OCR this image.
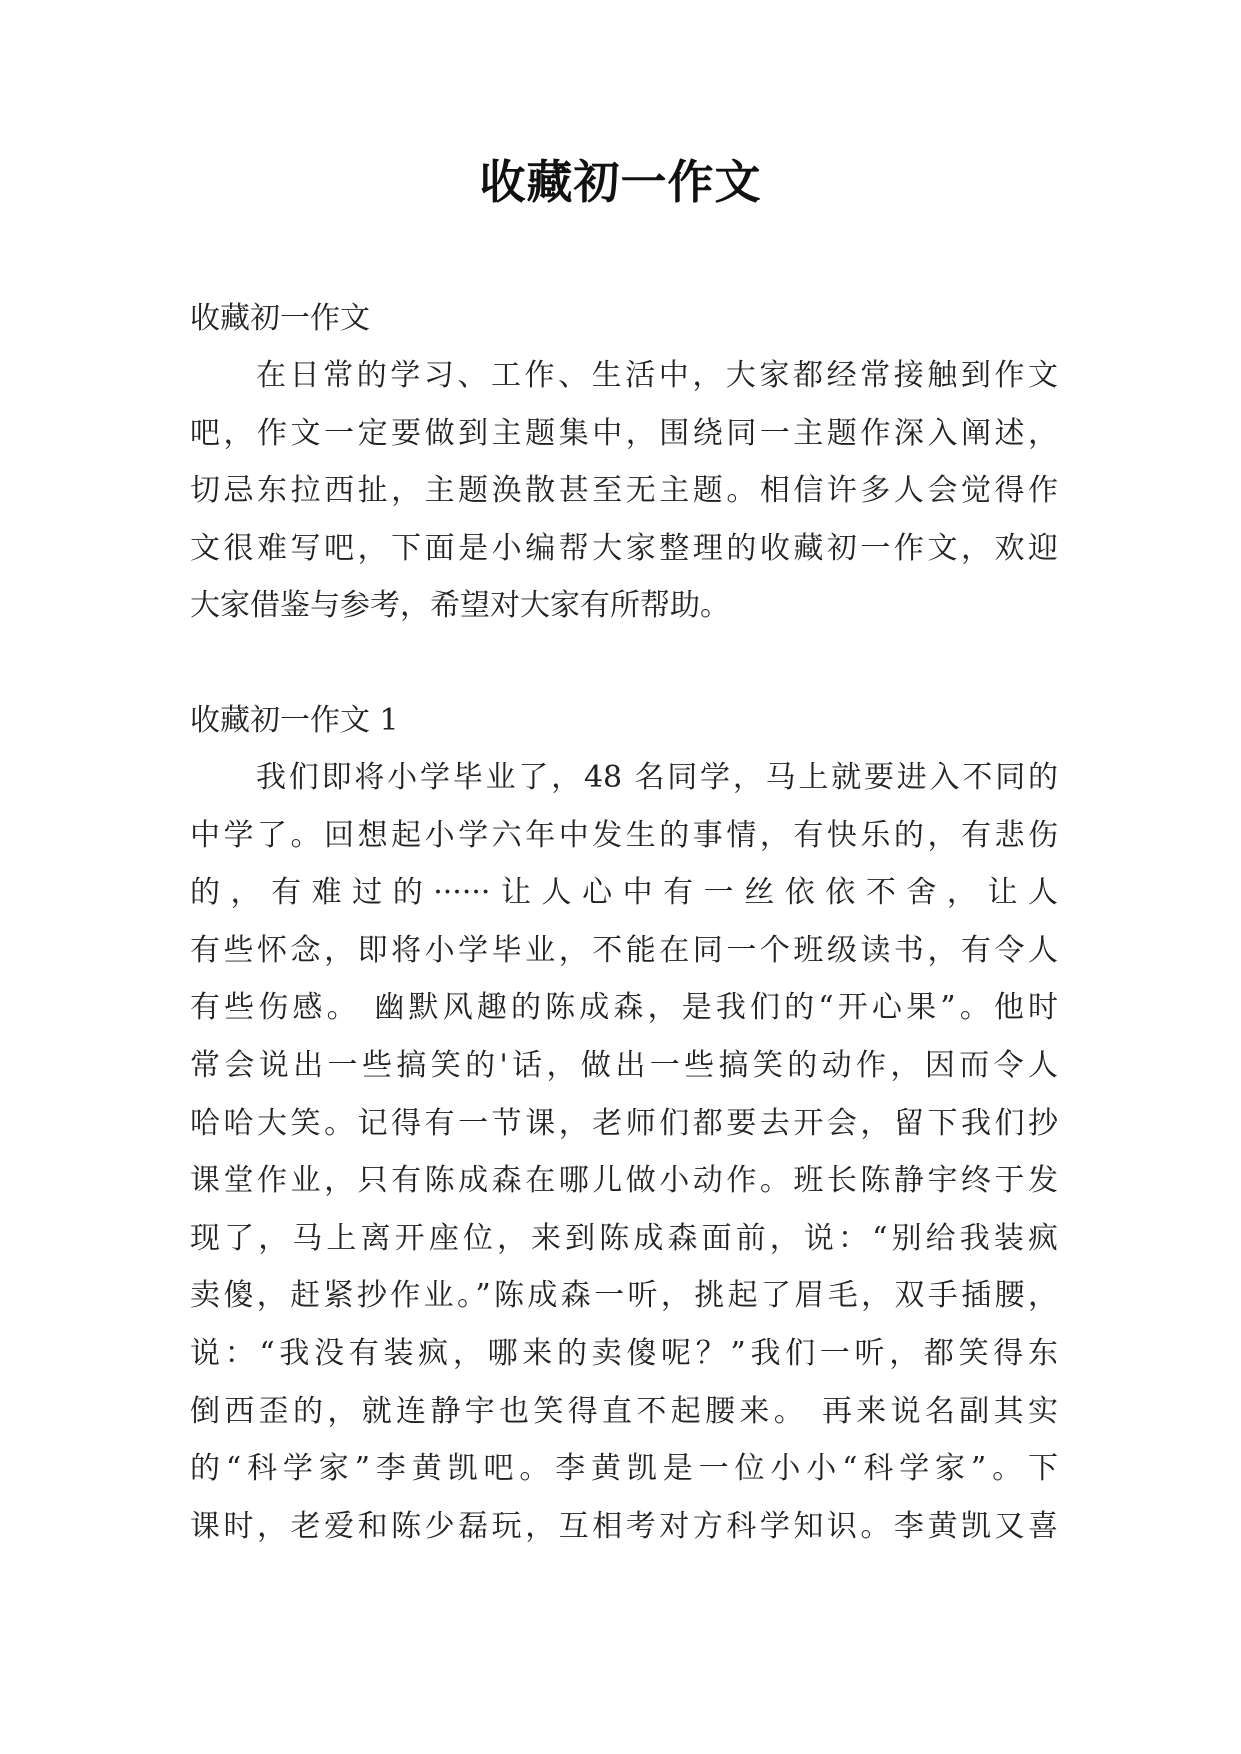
收藏初一作文
收藏初一作文
在日常的学习、工作、生活中，大家都经常接触到作文
吧，作文一定要做到主题集中，围绕同一主题作深入阐述，
切忌东拉西扯，主题涣散甚至无主题。相信许多人会觉得作
文很难写吧，下面是小编帮大家整理的收藏初一作文，欢迎
大家借鉴与参考，希望对大家有所帮助。
收藏初一作文 1
我们即将小学毕业了，48 名同学，马上就要进入不同的
中学了。回想起小学六年中发生的事情，有快乐的，有悲伤
的，有难过的······让人心中有一丝依依不舍，让人
有些怀念，即将小学毕业，不能在同一个班级读书，有令人
有些伤感。 幽默风趣的陈成森，是我们的“开心果”。他时
常会说出一些搞笑的'话，做出一些搞笑的动作，因而令人
哈哈大笑。记得有一节课，老师们都要去开会，留下我们抄
课堂作业，只有陈成森在哪儿做小动作。班长陈静宇终于发
现了，马上离开座位，来到陈成森面前，说：“别给我装疯
卖傻，赶紧抄作业。”陈成森一听，挑起了眉毛，双手插腰，
说：“我没有装疯，哪来的卖傻呢？”我们一听，都笑得东
倒西歪的，就连静宇也笑得直不起腰来。 再来说名副其实
的“科学家”李黄凯吧。李黄凯是一位小小“科学家”。下
课时，老爱和陈少磊玩，互相考对方科学知识。李黄凯又喜
